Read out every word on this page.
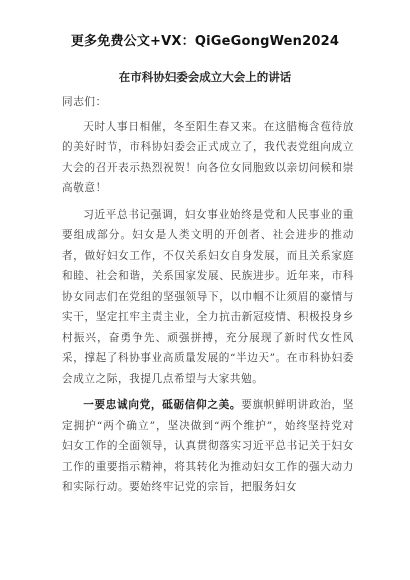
更多免费公文+VX：QiGeGongWen2024
在市科协妇委会成立大会上的讲话

同志们：

天时人事日相催，冬至阳生春又来。在这腊梅含苞待放的美好时节，市科协妇委会正式成立了，我代表党组向成立大会的召开表示热烈祝贺！向各位女同胞致以亲切问候和崇高敬意！

习近平总书记强调，妇女事业始终是党和人民事业的重要组成部分。妇女是人类文明的开创者、社会进步的推动者，做好妇女工作，不仅关系妇女自身发展，而且关系家庭和睦、社会和谐，关系国家发展、民族进步。近年来，市科协女同志们在党组的坚强领导下，以巾帼不让须眉的豪情与实干，坚定扛牢主责主业，全力抗击新冠疫情、积极投身乡村振兴，奋勇争先、顽强拼搏，充分展现了新时代女性风采，撑起了科协事业高质量发展的“半边天”。在市科协妇委会成立之际，我提几点希望与大家共勉。

一要忠诚向党，砥砺信仰之美。要旗帜鲜明讲政治，坚定拥护“两个确立”，坚决做到“两个维护”，始终坚持党对妇女工作的全面领导，认真贯彻落实习近平总书记关于妇女工作的重要指示精神，将其转化为推动妇女工作的强大动力和实际行动。要始终牢记党的宗旨，把服务妇女
